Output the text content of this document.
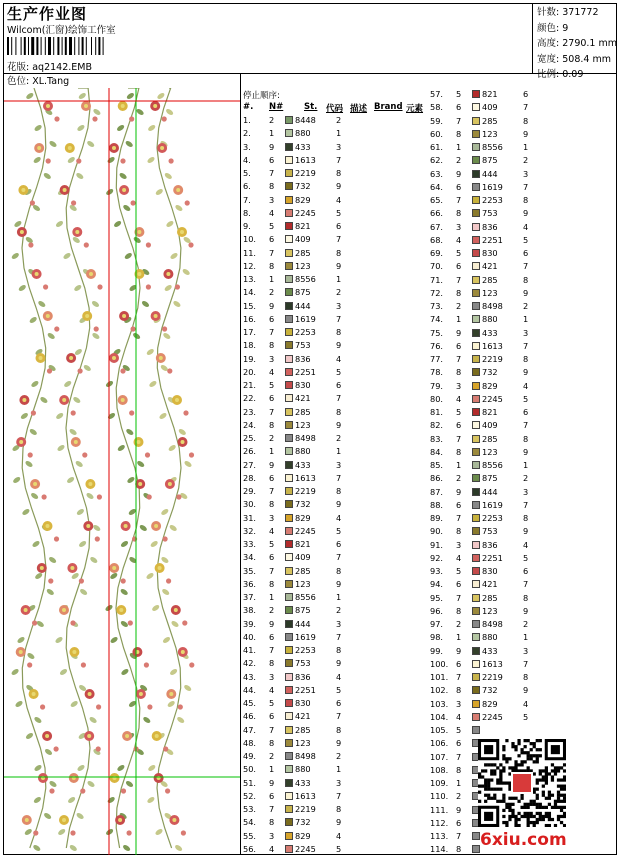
生产作业图
Wilcom(汇窗)绘饰工作室
花版: aq2142.EMB
色位: XL.Tang
针数: 371772
颜色: 9
高度: 2790.1 mm
宽度: 508.4 mm
比例: 0.09
停止顺序:
#. N# St. 代码 描述 Brand 元素
1. 2	8448 2
2. 1	880	1
3. 9	433	3
4. 6	1613 7
5. 7	2219 8
6. 8	732	9
7. 3	829	4
8. 4	2245 5
9. 5	821	6
10. 6	409	7
11. 7	285	8
12. 8	123	9
13. 1	8556 1
14. 2	875	2
15. 9	444	3
16. 6	1619 7
17. 7	2253 8
18. 8	753	9
19. 3	836	4
20. 4	2251 5
21. 5	830	6
22. 6	421	7
23. 7	285	8
24. 8	123	9
25. 2	8498 2
26. 1	880	1
27. 9	433	3
28. 6	1613 7
29. 7	2219 8
30. 8	732	9
31. 3	829	4
32. 4	2245 5
33. 5	821	6
34. 6	409	7
35. 7	285	8
36. 8	123	9
37. 1	8556 1
38. 2	875	2
39. 9	444	3
40. 6	1619 7
41. 7	2253 8
42. 8	753	9
43. 3	836	4
44. 4	2251 5
45. 5	830	6
46. 6	421	7
47. 7	285	8
48. 8	123	9
49. 2	8498 2
50. 1	880	1
51. 9	433	3
52. 6	1613 7
53. 7	2219 8
54. 8	732	9
55. 3	829	4
56. 4	2245 5
57. 5	821	6
58. 6	409	7
59. 7	285	8
60. 8	123	9
61. 1	8556 1
62. 2	875	2
63. 9	444	3
64. 6	1619 7
65. 7	2253 8
66. 8	753	9
67. 3	836	4
68. 4	2251 5
69. 5	830	6
70. 6	421	7
71. 7	285	8
72. 8	123	9
73. 2	8498 2
74. 1	880	1
75. 9	433	3
76. 6	1613 7
77. 7	2219 8
78. 8	732	9
79. 3	829	4
80. 4	2245 5
81. 5	821	6
82. 6	409	7
83. 7	285	8
84. 8	123	9
85. 1	8556 1
86. 2	875	2
87. 9	444	3
88. 6	1619 7
89. 7	2253 8
90. 8	753	9
91. 3	836	4
92. 4	2251 5
93. 5	830	6
94. 6	421	7
95. 7	285	8
96. 8	123	9
97. 2	8498 2
98. 1	880	1
99. 9	433	3
100. 6	1613 7
101. 7	2219 8
102. 8	732	9
103. 3	829	4
104. 4	2245 5
105. 5
106. 6
107. 7
108. 8
109. 1
110. 2
111. 9
112. 6
113. 7
114. 8 6xiu.com
